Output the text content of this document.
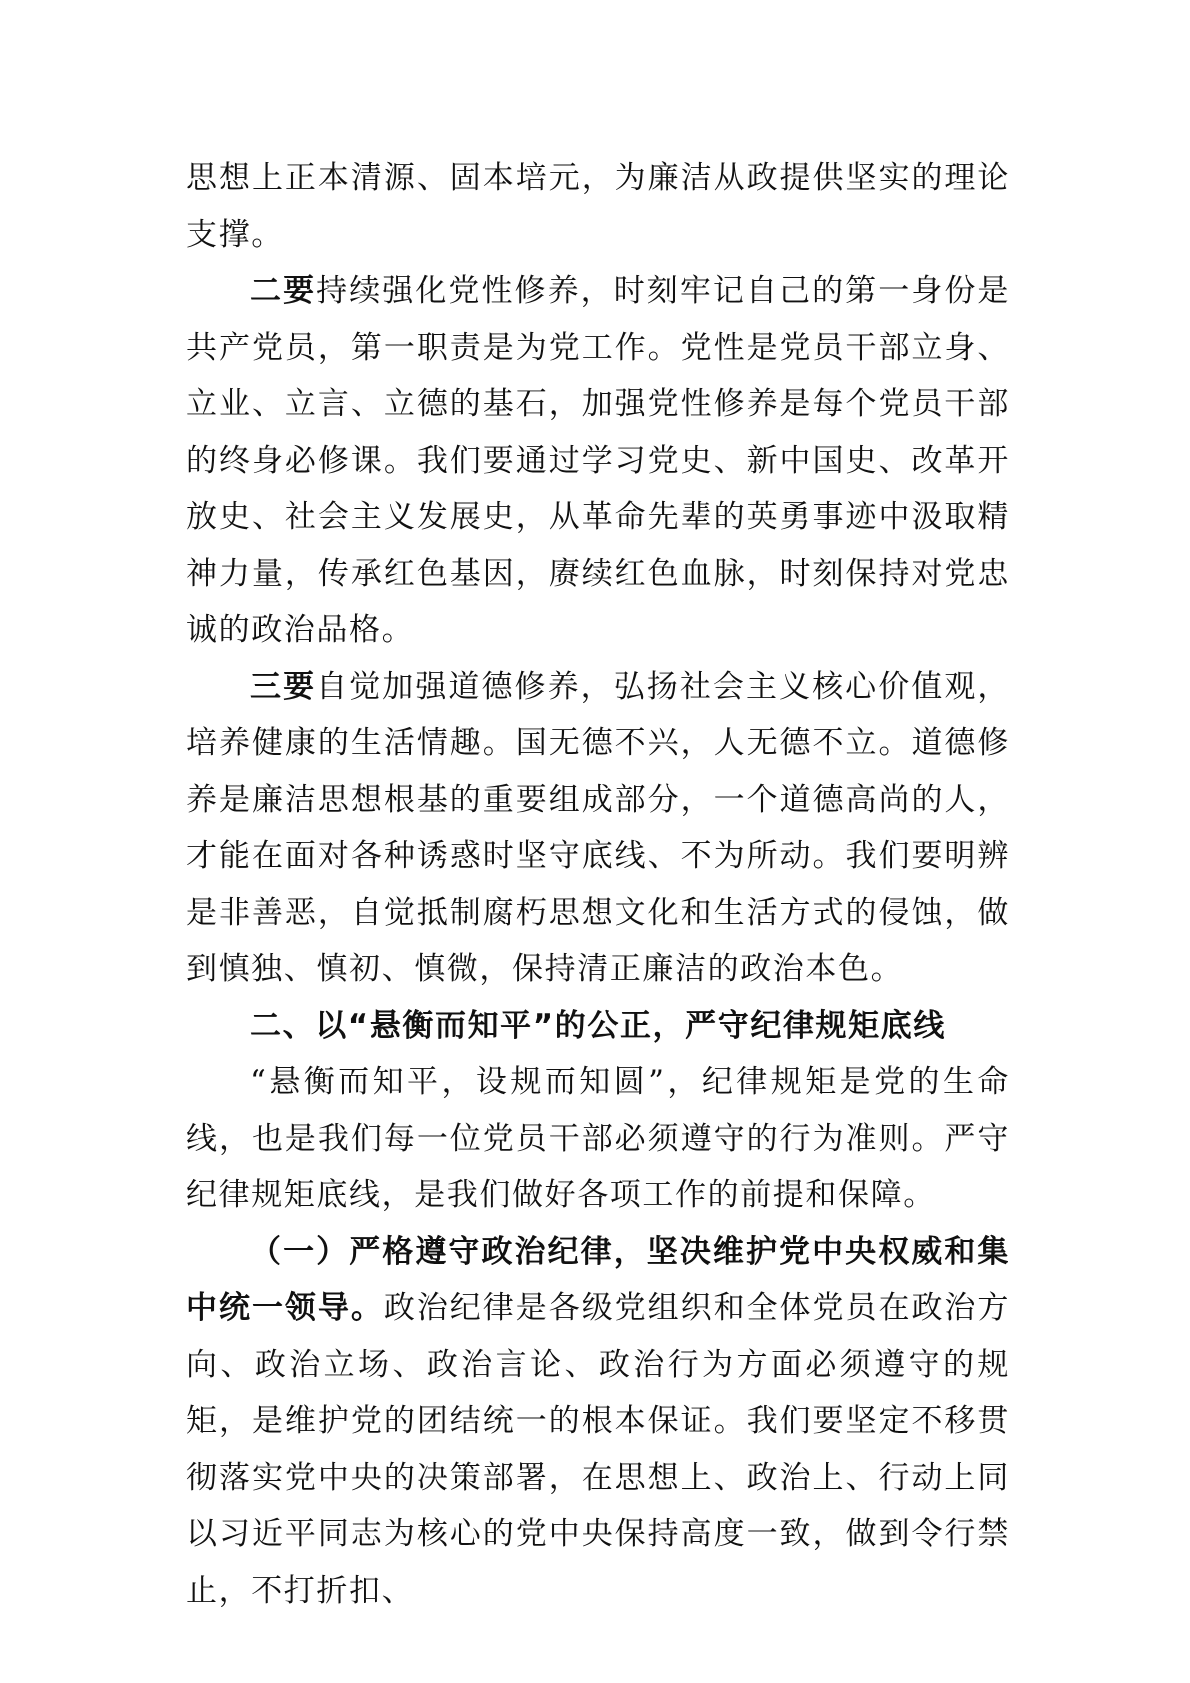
思想上正本清源、固本培元，为廉洁从政提供坚实的理论支撑。

二要持续强化党性修养，时刻牢记自己的第一身份是共产党员，第一职责是为党工作。党性是党员干部立身、立业、立言、立德的基石，加强党性修养是每个党员干部的终身必修课。我们要通过学习党史、新中国史、改革开放史、社会主义发展史，从革命先辈的英勇事迹中汲取精神力量，传承红色基因，赓续红色血脉，时刻保持对党忠诚的政治品格。

三要自觉加强道德修养，弘扬社会主义核心价值观，培养健康的生活情趣。国无德不兴，人无德不立。道德修养是廉洁思想根基的重要组成部分，一个道德高尚的人，才能在面对各种诱惑时坚守底线、不为所动。我们要明辨是非善恶，自觉抵制腐朽思想文化和生活方式的侵蚀，做到慎独、慎初、慎微，保持清正廉洁的政治本色。

二、以“悬衡而知平”的公正，严守纪律规矩底线

“悬衡而知平，设规而知圆”，纪律规矩是党的生命线，也是我们每一位党员干部必须遵守的行为准则。严守纪律规矩底线，是我们做好各项工作的前提和保障。

（一）严格遵守政治纪律，坚决维护党中央权威和集中统一领导。政治纪律是各级党组织和全体党员在政治方向、政治立场、政治言论、政治行为方面必须遵守的规矩，是维护党的团结统一的根本保证。我们要坚定不移贯彻落实党中央的决策部署，在思想上、政治上、行动上同以习近平同志为核心的党中央保持高度一致，做到令行禁止，不打折扣、
